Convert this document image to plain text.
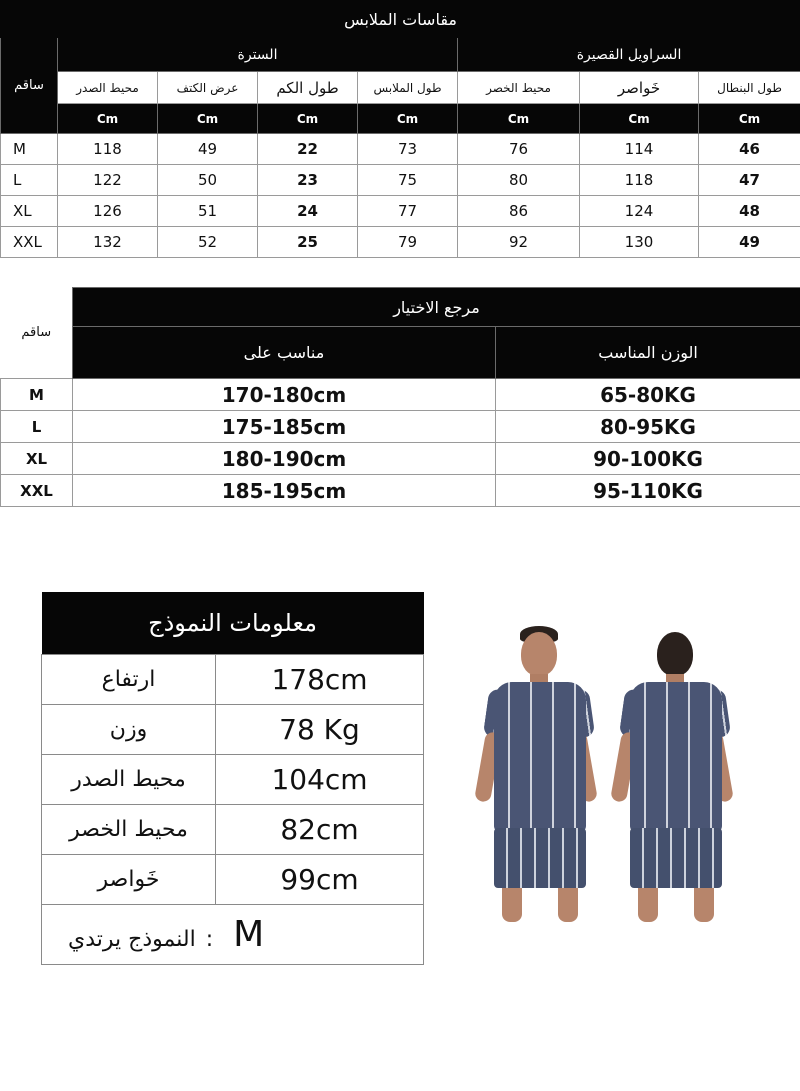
مقاسات الملابس							
ساقم	السترة				السراويل القصيرة		
	محيط الصدر	عرض الكتف	طول الكم	طول الملابس	محيط الخصر	خَواصر	طول البنطال
	Cm	Cm	Cm	Cm	Cm	Cm	Cm
M	118	49	22	73	76	114	46
L	122	50	23	75	80	118	47
XL	126	51	24	77	86	124	48
XXL	132	52	25	79	92	130	49
ساقم	مرجع الاختيار	
	مناسب على	الوزن المناسب
M	170-180cm	65-80KG
L	175-185cm	80-95KG
XL	180-190cm	90-100KG
XXL	185-195cm	95-110KG
معلومات النموذج	
ارتفاع	178cm
وزن	78 Kg
محيط الصدر	104cm
محيط الخصر	82cm
خَواصر	99cm
النموذج يرتدي : M	
